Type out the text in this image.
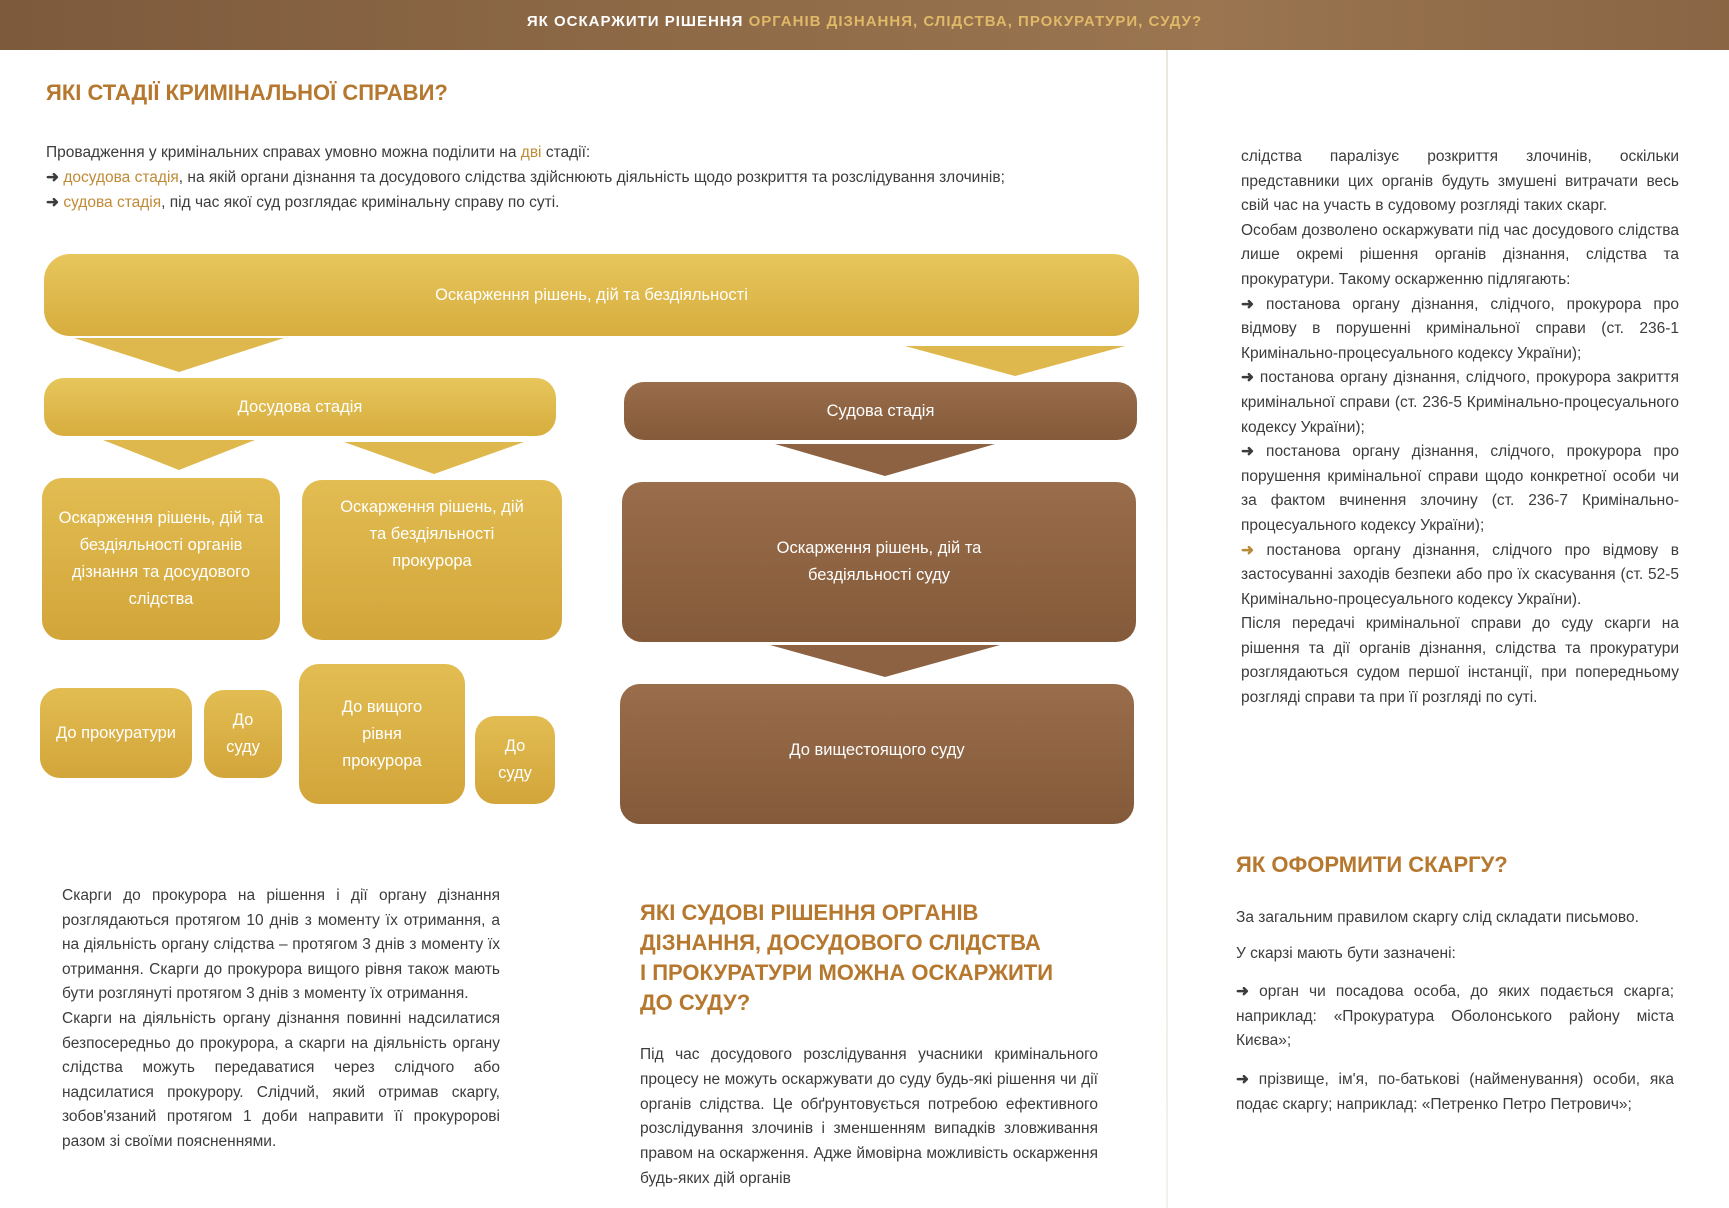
ЯК ОСКАРЖИТИ РІШЕННЯ ОРГАНІВ ДІЗНАННЯ, СЛІДСТВА, ПРОКУРАТУРИ, СУДУ?
ЯКІ СТАДІЇ КРИМІНАЛЬНОЇ СПРАВИ?

Провадження у кримінальних справах умовно можна поділити на дві стадії:

➜ досудова стадія, на якій органи дізнання та досудового слідства здійснюють діяльність щодо розкриття та розслідування злочинів;

➜ судова стадія, під час якої суд розглядає кримінальну справу по суті.

Оскарження рішень, дій та бездіяльності
Досудова стадія	Судова стадія
Оскарження рішень, дій та бездіяльності органів дізнання та досудового слідства
Оскарження рішень, дій та бездіяльності прокурора
Оскарження рішень, дій та бездіяльності суду
До прокуратури
До суду
До вищого рівня прокурора
До суду
До вищестоящого суду

Скарги до прокурора на рішення і дії органу дізнання розглядаються протягом 10 днів з моменту їх отримання, а на діяльність органу слідства – протягом 3 днів з моменту їх отримання. Скарги до прокурора вищого рівня також мають бути розглянуті протягом 3 днів з моменту їх отримання.

Скарги на діяльність органу дізнання повинні надсилатися безпосередньо до прокурора, а скарги на діяльність органу слідства можуть передаватися через слідчого або надсилатися прокурору. Слідчий, який отримав скаргу, зобов'язаний протягом 1 доби направити її прокуророві разом зі своїми поясненнями.

ЯКІ СУДОВІ РІШЕННЯ ОРГАНІВ
ДІЗНАННЯ, ДОСУДОВОГО СЛІДСТВА
І ПРОКУРАТУРИ МОЖНА ОСКАРЖИТИ
ДО СУДУ?

Під час досудового розслідування учасники кримінального процесу не можуть оскаржувати до суду будь-які рішення чи дії органів слідства. Це обґрунтовується потребою ефективного розслідування злочинів і зменшенням випадків зловживання правом на оскарження. Адже ймовірна можливість оскарження будь-яких дій органів

слідства паралізує розкриття злочинів, оскільки представники цих органів будуть змушені витрачати весь свій час на участь в судовому розгляді таких скарг.

Особам дозволено оскаржувати під час досудового слідства лише окремі рішення органів дізнання, слідства та прокуратури. Такому оскарженню підлягають:

➜ постанова органу дізнання, слідчого, прокурора про відмову в порушенні кримінальної справи (ст. 236-1 Кримінально-процесуального кодексу України);

➜ постанова органу дізнання, слідчого, прокурора закриття кримінальної справи (ст. 236-5 Кримінально-процесуального кодексу України);

➜ постанова органу дізнання, слідчого, прокурора про порушення кримінальної справи щодо конкретної особи чи за фактом вчинення злочину (ст. 236-7 Кримінально-процесуального кодексу України);

➜ постанова органу дізнання, слідчого про відмову в застосуванні заходів безпеки або про їх скасування (ст. 52-5 Кримінально-процесуального кодексу України).

Після передачі кримінальної справи до суду скарги на рішення та дії органів дізнання, слідства та прокуратури розглядаються судом першої інстанції, при попередньому розгляді справи та при її розгляді по суті.

ЯК ОФОРМИТИ СКАРГУ?

За загальним правилом скаргу слід складати письмово.

У скарзі мають бути зазначені:

➜ орган чи посадова особа, до яких подається скарга; наприклад: «Прокуратура Оболонського району міста Києва»;

➜ прізвище, ім'я, по-батькові (найменування) особи, яка подає скаргу; наприклад: «Петренко Петро Петрович»;
